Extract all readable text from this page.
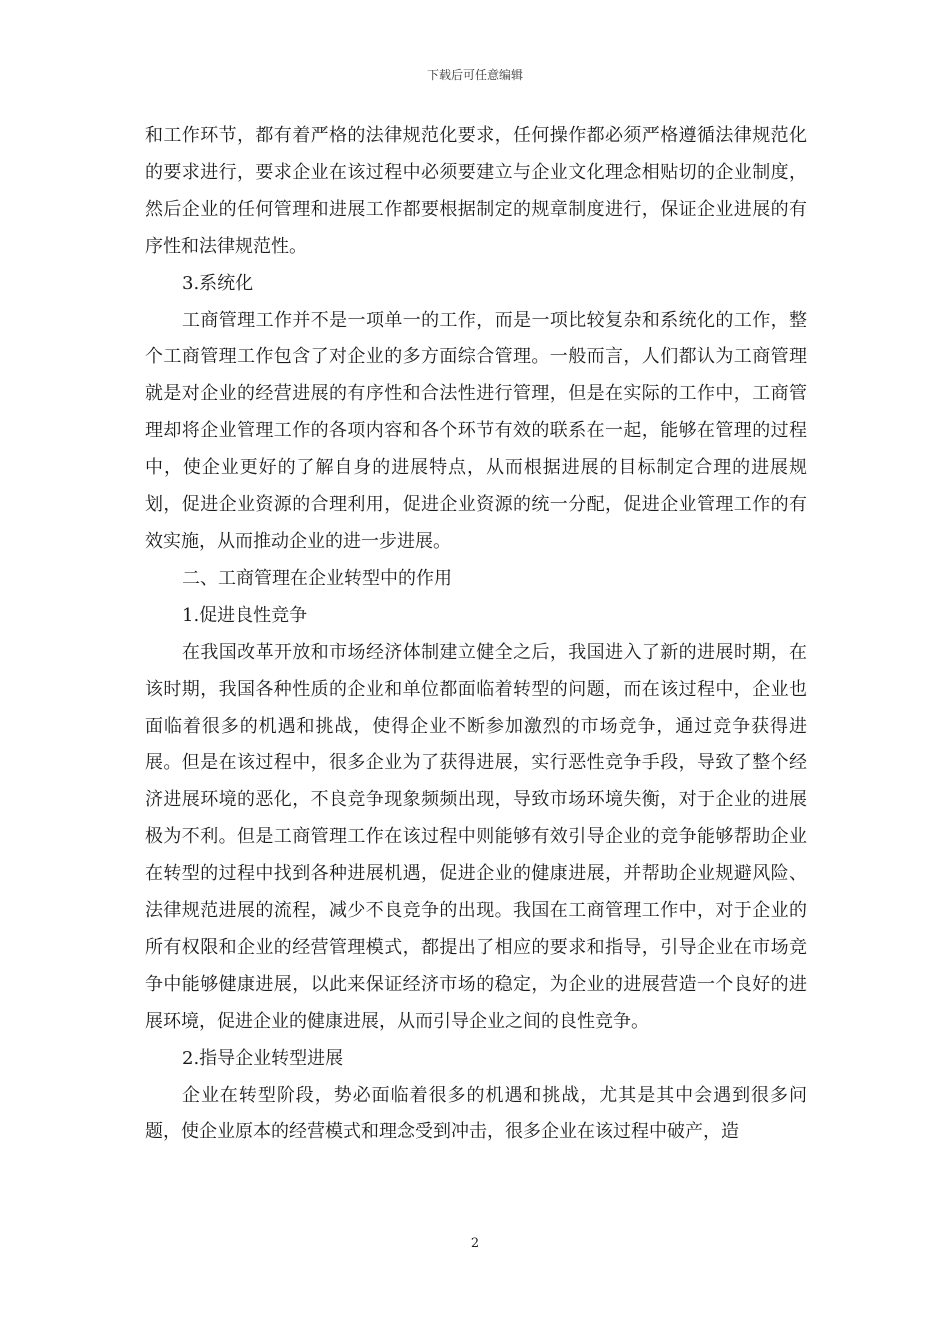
下载后可任意编辑

和工作环节，都有着严格的法律规范化要求，任何操作都必须严格遵循法律规范化的要求进行，要求企业在该过程中必须要建立与企业文化理念相贴切的企业制度，然后企业的任何管理和进展工作都要根据制定的规章制度进行，保证企业进展的有序性和法律规范性。

3.系统化

工商管理工作并不是一项单一的工作，而是一项比较复杂和系统化的工作，整个工商管理工作包含了对企业的多方面综合管理。一般而言，人们都认为工商管理就是对企业的经营进展的有序性和合法性进行管理，但是在实际的工作中，工商管理却将企业管理工作的各项内容和各个环节有效的联系在一起，能够在管理的过程中，使企业更好的了解自身的进展特点，从而根据进展的目标制定合理的进展规划，促进企业资源的合理利用，促进企业资源的统一分配，促进企业管理工作的有效实施，从而推动企业的进一步进展。

二、工商管理在企业转型中的作用

1.促进良性竞争

在我国改革开放和市场经济体制建立健全之后，我国进入了新的进展时期，在该时期，我国各种性质的企业和单位都面临着转型的问题，而在该过程中，企业也面临着很多的机遇和挑战，使得企业不断参加激烈的市场竞争，通过竞争获得进展。但是在该过程中，很多企业为了获得进展，实行恶性竞争手段，导致了整个经济进展环境的恶化，不良竞争现象频频出现，导致市场环境失衡，对于企业的进展极为不利。但是工商管理工作在该过程中则能够有效引导企业的竞争能够帮助企业在转型的过程中找到各种进展机遇，促进企业的健康进展，并帮助企业规避风险、法律规范进展的流程，减少不良竞争的出现。我国在工商管理工作中，对于企业的所有权限和企业的经营管理模式，都提出了相应的要求和指导，引导企业在市场竞争中能够健康进展，以此来保证经济市场的稳定，为企业的进展营造一个良好的进展环境，促进企业的健康进展，从而引导企业之间的良性竞争。

2.指导企业转型进展

企业在转型阶段，势必面临着很多的机遇和挑战，尤其是其中会遇到很多问题，使企业原本的经营模式和理念受到冲击，很多企业在该过程中破产，造

2
